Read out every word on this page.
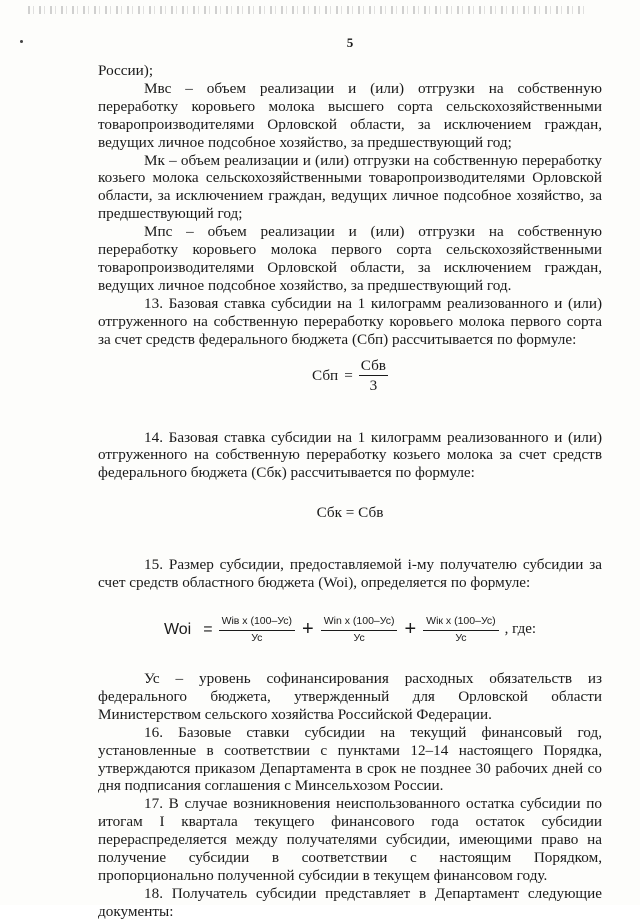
5

России);

Мвс – объем реализации и (или) отгрузки на собственную переработку коровьего молока высшего сорта сельскохозяйственными товаропроизводителями Орловской области, за исключением граждан, ведущих личное подсобное хозяйство, за предшествующий год;

Мк – объем реализации и (или) отгрузки на собственную переработку козьего молока сельскохозяйственными товаропроизводителями Орловской области, за исключением граждан, ведущих личное подсобное хозяйство, за предшествующий год;

Мпс – объем реализации и (или) отгрузки на собственную переработку коровьего молока первого сорта сельскохозяйственными товаропроизводителями Орловской области, за исключением граждан, ведущих личное подсобное хозяйство, за предшествующий год.

13. Базовая ставка субсидии на 1 килограмм реализованного и (или) отгруженного на собственную переработку коровьего молока первого сорта за счет средств федерального бюджета (Сбп) рассчитывается по формуле:

Сбп = $\frac{\text{Сбв}}{3}$

14. Базовая ставка субсидии на 1 килограмм реализованного и (или) отгруженного на собственную переработку козьего молока за счет средств федерального бюджета (Сбк) рассчитывается по формуле:

Сбк = Сбв

15. Размер субсидии, предоставляемой i-му получателю субсидии за счет средств областного бюджета (Woi), определяется по формуле:

Woi = $\frac{\text{Wiв x (100–Ус)}}{Ус} + \frac{\text{Win x (100–Ус)}}{Ус} + \frac{\text{Wiк x (100–Ус)}}{Ус}$ , где:

Ус – уровень софинансирования расходных обязательств из федерального бюджета, утвержденный для Орловской области Министерством сельского хозяйства Российской Федерации.

16. Базовые ставки субсидии на текущий финансовый год, установленные в соответствии с пунктами 12–14 настоящего Порядка, утверждаются приказом Департамента в срок не позднее 30 рабочих дней со дня подписания соглашения с Минсельхозом России.

17. В случае возникновения неиспользованного остатка субсидии по итогам I квартала текущего финансового года остаток субсидии перераспределяется между получателями субсидии, имеющими право на получение субсидии в соответствии с настоящим Порядком, пропорционально полученной субсидии в текущем финансовом году.

18. Получатель субсидии представляет в Департамент следующие документы:
